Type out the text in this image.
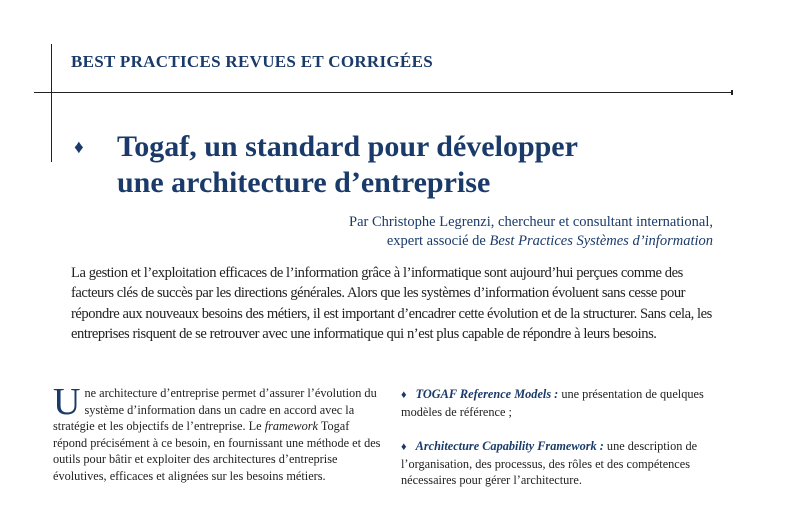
BEST PRACTICES REVUES ET CORRIGÉES
♦ Togaf, un standard pour développer
une architecture d’entreprise
Par Christophe Legrenzi, chercheur et consultant international,
expert associé de Best Practices Systèmes d’information

La gestion et l’exploitation efficaces de l’information grâce à l’informatique sont aujourd’hui perçues comme des facteurs clés de succès par les directions générales. Alors que les systèmes d’information évoluent sans cesse pour répondre aux nouveaux besoins des métiers, il est important d’encadrer cette évolution et de la structurer. Sans cela, les entreprises risquent de se retrouver avec une informatique qui n’est plus capable de répondre à leurs besoins.

Une architecture d’entreprise permet d’assurer l’évolution du système d’information dans un cadre en accord avec la stratégie et les objectifs de l’entreprise. Le framework Togaf répond précisément à ce besoin, en fournissant une méthode et des outils pour bâtir et exploiter des architectures d’entreprise évolutives, efficaces et alignées sur les besoins métiers.

♦ TOGAF Reference Models : une présentation de quelques modèles de référence ;

♦ Architecture Capability Framework : une description de l’organisation, des processus, des rôles et des compétences nécessaires pour gérer l’architecture.
